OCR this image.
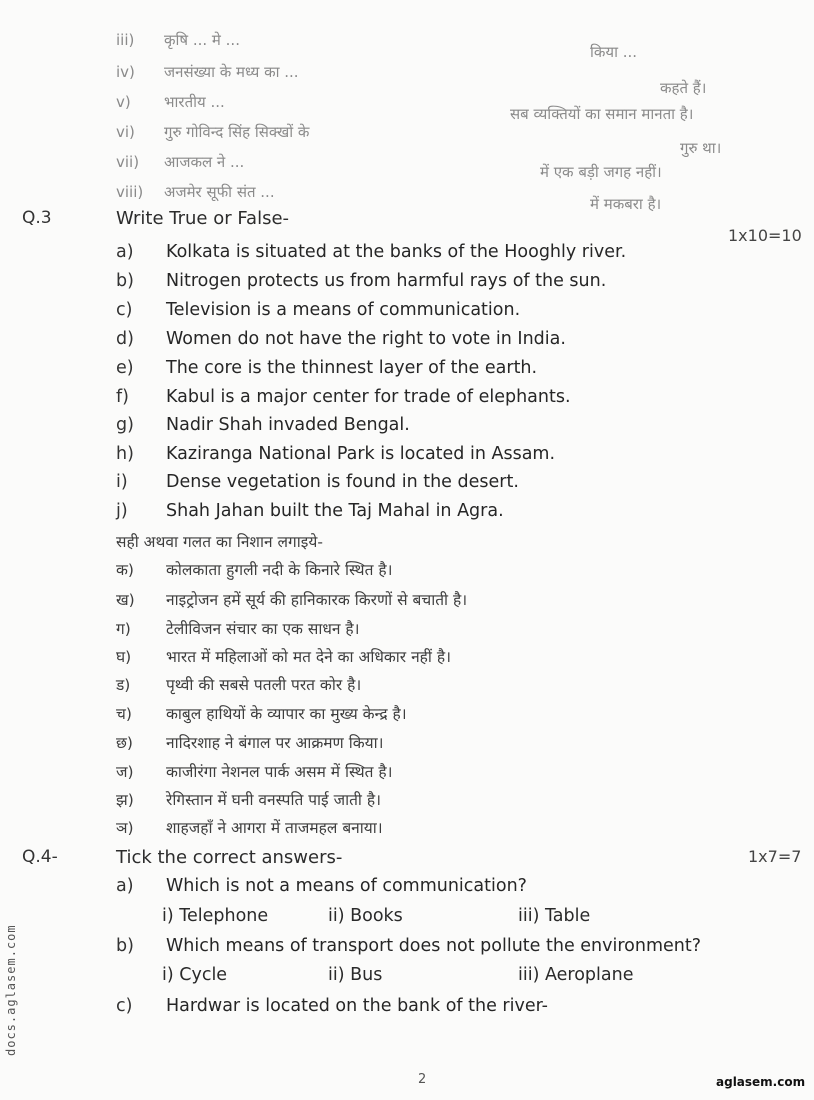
iii) कृषि ... मे ...
किया ...
iv) जनसंख्या के मध्य का ...
कहते हैं।
v) भारतीय ...
सब व्यक्तियों का समान मानता है।
vi) गुरु गोविन्द सिंह सिक्खों के
गुरु था।
vii) आजकल ने ...
में एक बड़ी जगह नहीं।
viii) अजमेर सूफी संत ...
में मकबरा है।
Q.3	Write True or False-
1x10=10
a) Kolkata is situated at the banks of the Hooghly river.
b) Nitrogen protects us from harmful rays of the sun.
c) Television is a means of communication.
d) Women do not have the right to vote in India.
e) The core is the thinnest layer of the earth.
f) Kabul is a major center for trade of elephants.
g) Nadir Shah invaded Bengal.
h) Kaziranga National Park is located in Assam.
i) Dense vegetation is found in the desert.
j) Shah Jahan built the Taj Mahal in Agra.
सही अथवा गलत का निशान लगाइये-
क) कोलकाता हुगली नदी के किनारे स्थित है।
ख) नाइट्रोजन हमें सूर्य की हानिकारक किरणों से बचाती है।
ग) टेलीविजन संचार का एक साधन है।
घ) भारत में महिलाओं को मत देने का अधिकार नहीं है।
ड) पृथ्वी की सबसे पतली परत कोर है।
च) काबुल हाथियों के व्यापार का मुख्य केन्द्र है।
छ) नादिरशाह ने बंगाल पर आक्रमण किया।
ज) काजीरंगा नेशनल पार्क असम में स्थित है।
झ) रेगिस्तान में घनी वनस्पति पाई जाती है।
ञ) शाहजहाँ ने आगरा में ताजमहल बनाया।
Q.4-	Tick the correct answers-	1x7=7
a) Which is not a means of communication?
i) Telephone	ii) Books	iii) Table
b) Which means of transport does not pollute the environment?
i) Cycle	ii) Bus	iii) Aeroplane
c) Hardwar is located on the bank of the river-
docs.aglasem.com
2	aglasem.com
